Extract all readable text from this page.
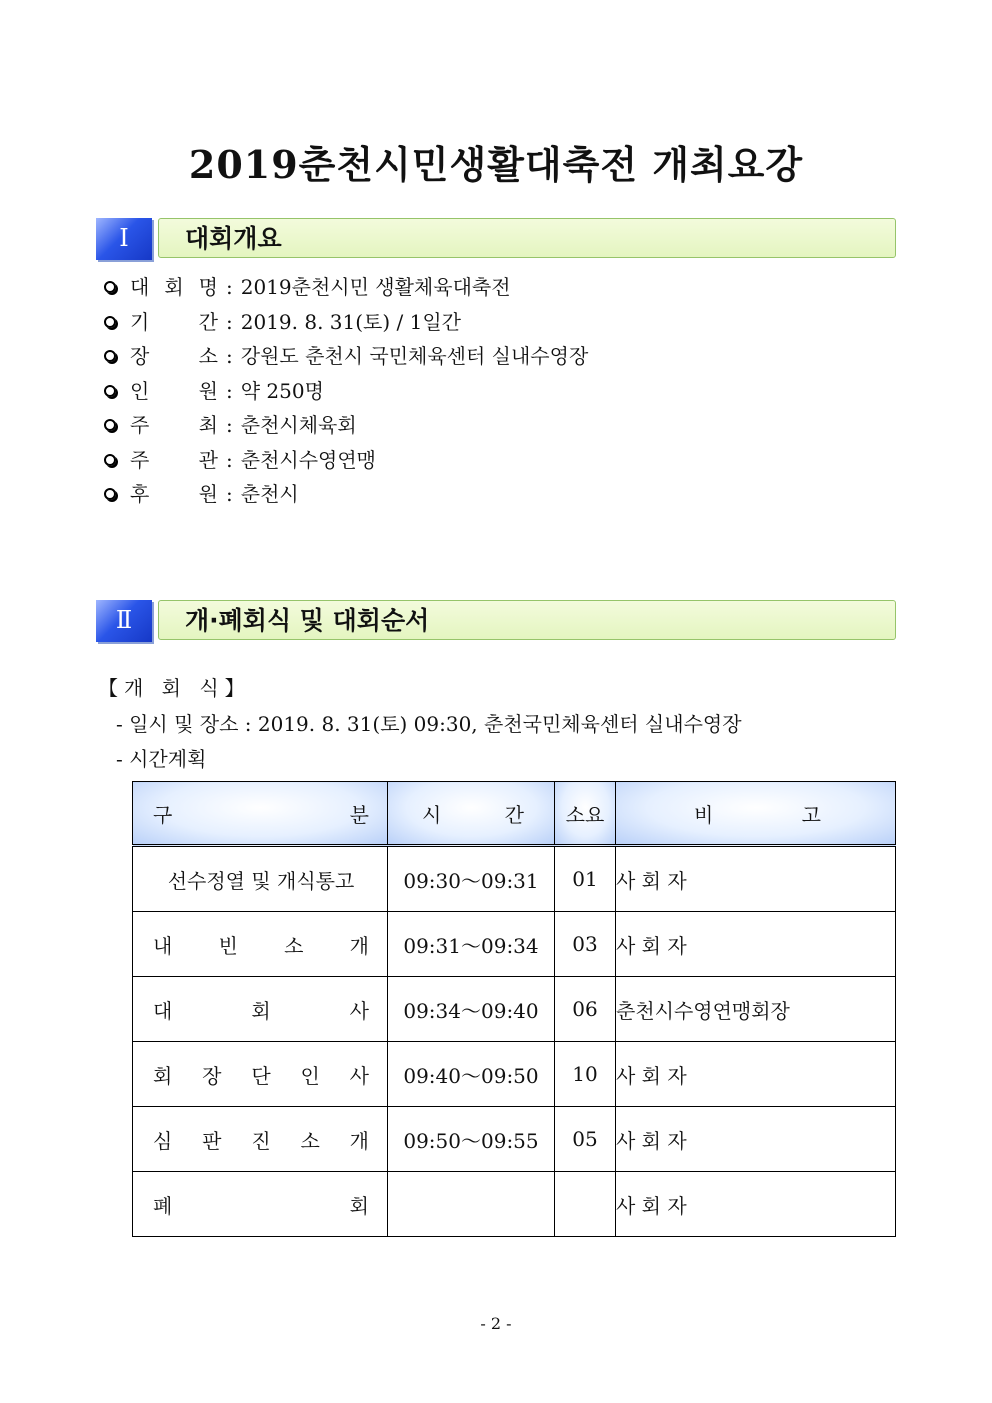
2019춘천시민생활대축전 개최요강
Ⅰ	대회개요
대 회 명 : 2019춘천시민 생활체육대축전
기 간 : 2019. 8. 31(토) / 1일간
장 소 : 강원도 춘천시 국민체육센터 실내수영장
인 원 : 약 250명
주 최 : 춘천시체육회
주 관 : 춘천시수영연맹
후 원 : 춘천시
Ⅱ	개·폐회식 및 대회순서
【개 회 식】
- 일시 및 장소 : 2019. 8. 31(토) 09:30, 춘천국민체육센터 실내수영장
- 시간계획
구 분	시 간	소요	비 고

선수정열 및 개식통고	09:30～09:31	01	사 회 자

내 빈 소 개	09:31～09:34	03	사 회 자

대 회 사	09:34～09:40	06	춘천시수영연맹회장

회 장 단 인 사	09:40～09:50	10	사 회 자

심 판 진 소 개	09:50～09:55	05	사 회 자

폐 회			사 회 자
- 2 -
